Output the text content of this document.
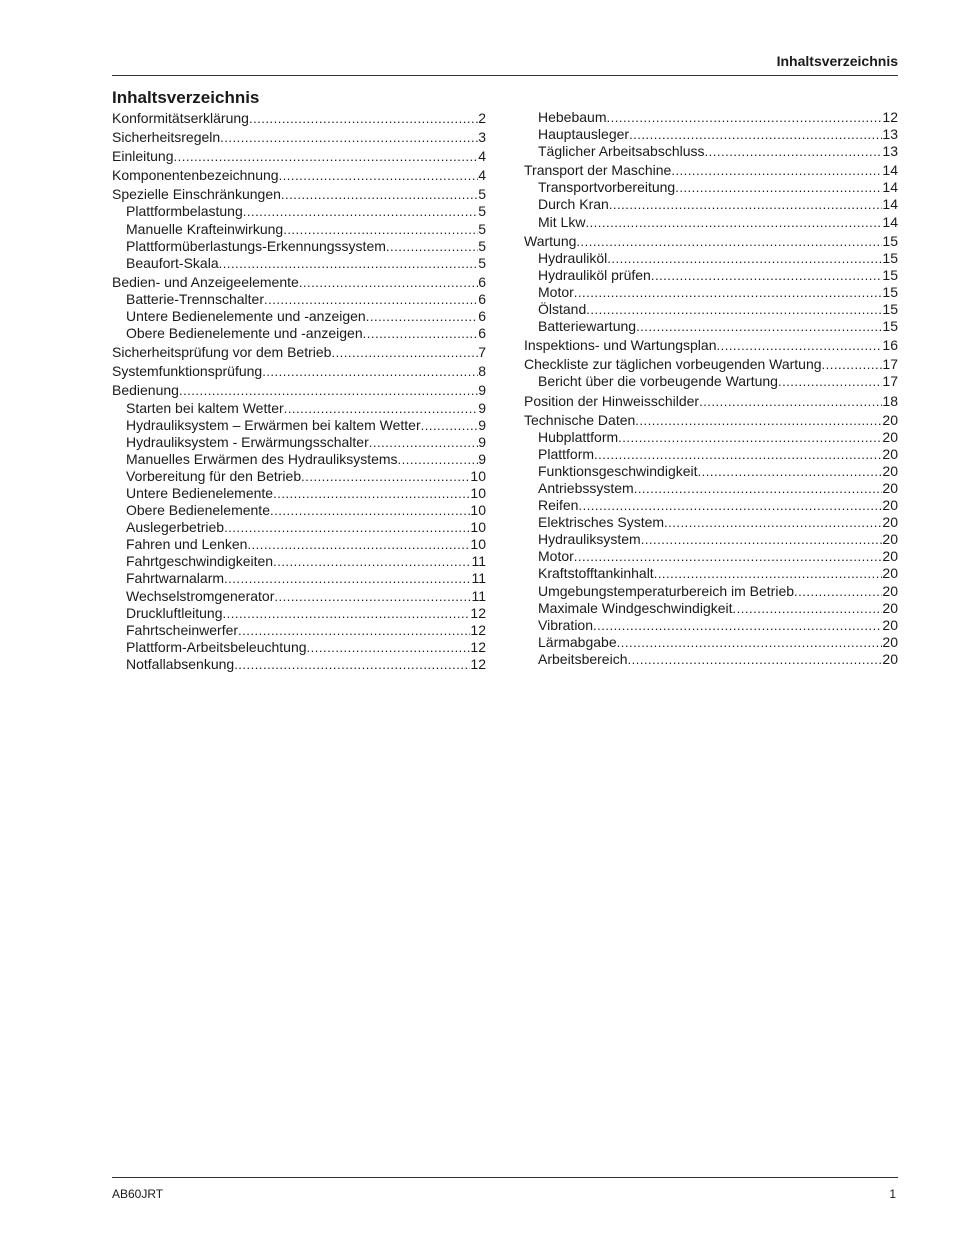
Inhaltsverzeichnis
Inhaltsverzeichnis
Konformitätserklärung .....	2
Sicherheitsregeln .....	3
Einleitung .....	4
Komponentenbezeichnung .....	4
Spezielle Einschränkungen .....	5
Plattformbelastung .....	5
Manuelle Krafteinwirkung .....	5
Plattformüberlastungs-Erkennungssystem .....	5
Beaufort-Skala .....	5
Bedien- und Anzeigeelemente .....	6
Batterie-Trennschalter .....	6
Untere Bedienelemente und -anzeigen .....	6
Obere Bedienelemente und -anzeigen .....	6
Sicherheitsprüfung vor dem Betrieb .....	7
Systemfunktionsprüfung .....	8
Bedienung .....	9
Starten bei kaltem Wetter .....	9
Hydrauliksystem – Erwärmen bei kaltem Wetter .....	9
Hydrauliksystem - Erwärmungsschalter .....	9
Manuelles Erwärmen des Hydrauliksystems .....	9
Vorbereitung für den Betrieb .....	10
Untere Bedienelemente .....	10
Obere Bedienelemente .....	10
Auslegerbetrieb .....	10
Fahren und Lenken .....	10
Fahrtgeschwindigkeiten .....	11
Fahrtwarnalarm .....	11
Wechselstromgenerator .....	11
Druckluftleitung .....	12
Fahrtscheinwerfer .....	12
Plattform-Arbeitsbeleuchtung .....	12
Notfallabsenkung .....	12
Hebebaum .....	12
Hauptausleger .....	13
Täglicher Arbeitsabschluss .....	13
Transport der Maschine .....	14
Transportvorbereitung .....	14
Durch Kran .....	14
Mit Lkw .....	14
Wartung .....	15
Hydrauliköl .....	15
Hydrauliköl prüfen .....	15
Motor .....	15
Ölstand .....	15
Batteriewartung .....	15
Inspektions- und Wartungsplan .....	16
Checkliste zur täglichen vorbeugenden Wartung .....	17
Bericht über die vorbeugende Wartung .....	17
Position der Hinweisschilder .....	18
Technische Daten .....	20
Hubplattform .....	20
Plattform .....	20
Funktionsgeschwindigkeit .....	20
Antriebssystem .....	20
Reifen .....	20
Elektrisches System .....	20
Hydrauliksystem .....	20
Motor .....	20
Kraftstofftankinhalt .....	20
Umgebungstemperaturbereich im Betrieb .....	20
Maximale Windgeschwindigkeit .....	20
Vibration .....	20
Lärmabgabe .....	20
Arbeitsbereich .....	20
AB60JRT	1
